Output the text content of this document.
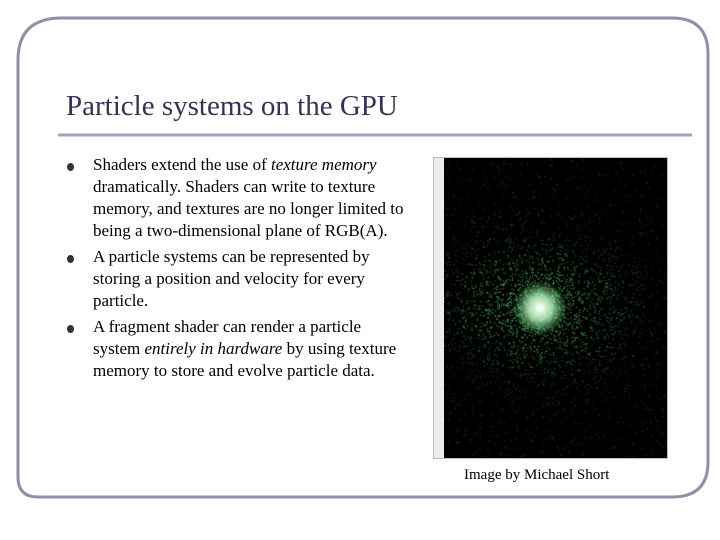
Particle systems on the GPU
Shaders extend the use of texture memory dramatically. Shaders can write to texture memory, and textures are no longer limited to being a two-dimensional plane of RGB(A).
A particle systems can be represented by storing a position and velocity for every particle.
A fragment shader can render a particle system entirely in hardware by using texture memory to store and evolve particle data.
Image by Michael Short
